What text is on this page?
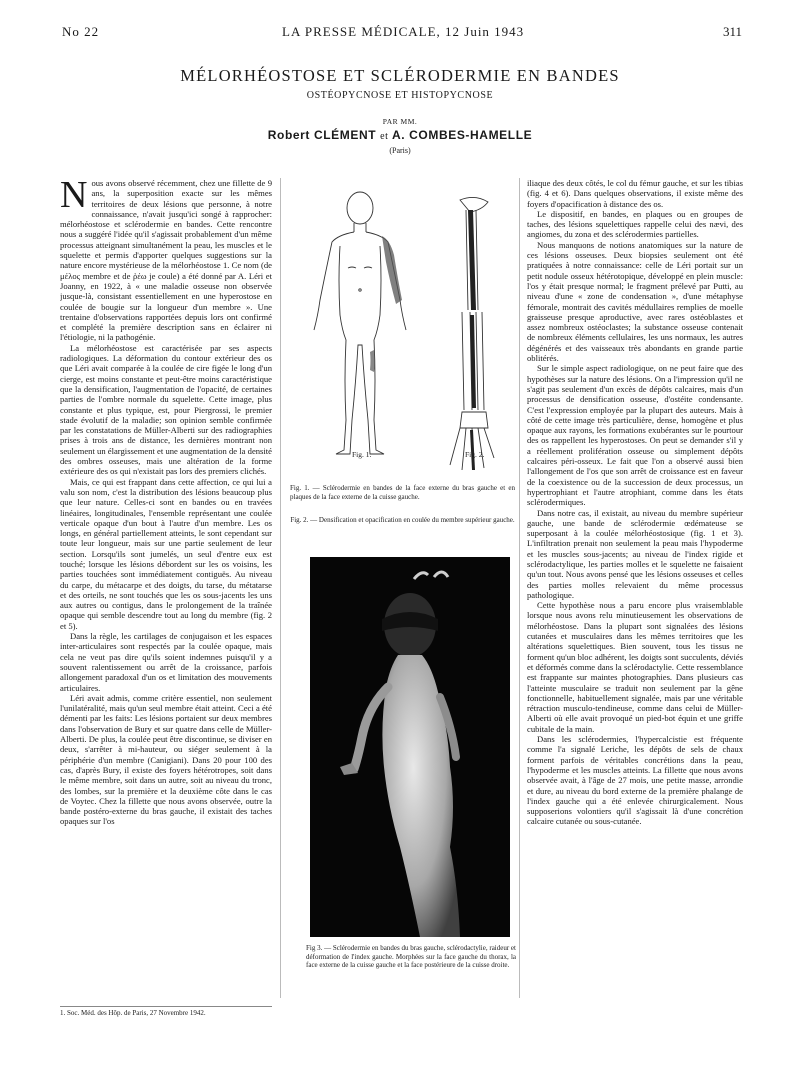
No 22	LA PRESSE MÉDICALE, 12 Juin 1943	311
MÉLORHÉOSTOSE ET SCLÉRODERMIE EN BANDES
OSTÉOPYCNOSE ET HISTOPYCNOSE
PAR MM.
Robert CLÉMENT et A. COMBES-HAMELLE
(Paris)

Nous avons observé récemment, chez une fillette de 9 ans, la superposition exacte sur les mêmes territoires de deux lésions que personne, à notre connaissance, n'avait jusqu'ici songé à rapprocher: mélorhéostose et sclérodermie en bandes. Cette rencontre nous a suggéré l'idée qu'il s'agissait probablement d'un même processus atteignant simultanément la peau, les muscles et le squelette et permis d'apporter quelques suggestions sur la nature encore mystérieuse de la mélorhéostose 1. Ce nom (de μέλος membre et de ῥέω je coule) a été donné par A. Léri et Joanny, en 1922, à « une maladie osseuse non observée jusque-là, consistant essentiellement en une hyperostose en coulée de bougie sur la longueur d'un membre ». Une trentaine d'observations rapportées depuis lors ont confirmé et complété la première description sans en éclairer ni l'étiologie, ni la pathogénie.

La mélorhéostose est caractérisée par ses aspects radiologiques. La déformation du contour extérieur des os que Léri avait comparée à la coulée de cire figée le long d'un cierge, est moins constante et peut-être moins caractéristique que la densification, l'augmentation de l'opacité, de certaines parties de l'ombre normale du squelette. Cette image, plus constante et plus typique, est, pour Piergrossi, le premier stade évolutif de la maladie; son opinion semble confirmée par les constatations de Müller-Alberti sur des radiographies prises à trois ans de distance, les dernières montrant non seulement un élargissement et une augmentation de la densité des ombres osseuses, mais une altération de la forme extérieure des os qui n'existait pas lors des premiers clichés.

Mais, ce qui est frappant dans cette affection, ce qui lui a valu son nom, c'est la distribution des lésions beaucoup plus que leur nature. Celles-ci sont en bandes ou en travées linéaires, longitudinales, l'ensemble représentant une coulée verticale opaque d'un bout à l'autre d'un membre. Les os longs, en général partiellement atteints, le sont cependant sur toute leur longueur, mais sur une partie seulement de leur section. Lorsqu'ils sont jumelés, un seul d'entre eux est touché; lorsque les lésions débordent sur les os voisins, les parties touchées sont immédiatement contiguës. Au niveau du carpe, du métacarpe et des doigts, du tarse, du métatarse et des orteils, ne sont touchés que les os sous-jacents les uns aux autres ou contigus, dans le prolongement de la traînée opaque qui semble descendre tout au long du membre (fig. 2 et 5).

Dans la règle, les cartilages de conjugaison et les espaces inter-articulaires sont respectés par la coulée opaque, mais cela ne veut pas dire qu'ils soient indemnes puisqu'il y a souvent ralentissement ou arrêt de la croissance, parfois allongement paradoxal d'un os et limitation des mouvements articulaires.

Léri avait admis, comme critère essentiel, non seulement l'unilatéralité, mais qu'un seul membre était atteint. Ceci a été démenti par les faits: Les lésions portaient sur deux membres dans l'observation de Bury et sur quatre dans celle de Müller-Alberti. De plus, la coulée peut être discontinue, se diviser en deux, s'arrêter à mi-hauteur, ou siéger seulement à la périphérie d'un membre (Canigiani). Dans 20 pour 100 des cas, d'après Bury, il existe des foyers hétérotropes, soit dans le même membre, soit dans un autre, soit au niveau du tronc, des lombes, sur la première et la deuxième côte dans le cas de Voytec. Chez la fillette que nous avons observée, outre la bande postéro-externe du bras gauche, il existait des taches opaques sur l'os

1. Soc. Méd. des Hôp. de Paris, 27 Novembre 1942.
Fig. 1.	Fig. 2.
Fig. 1. — Sclérodermie en bandes de la face externe du bras gauche et en plaques de la face externe de la cuisse gauche.
Fig. 2. — Densification et opacification en coulée du membre supérieur gauche.
Fig 3. — Sclérodermie en bandes du bras gauche, sclérodactylie, raideur et déformation de l'index gauche. Morphées sur la face gauche du thorax, la face externe de la cuisse gauche et la face postérieure de la cuisse droite.

iliaque des deux côtés, le col du fémur gauche, et sur les tibias (fig. 4 et 6). Dans quelques observations, il existe même des foyers d'opacification à distance des os.

Le dispositif, en bandes, en plaques ou en groupes de taches, des lésions squelettiques rappelle celui des nævi, des angiomes, du zona et des sclérodermies partielles.

Nous manquons de notions anatomiques sur la nature de ces lésions osseuses. Deux biopsies seulement ont été pratiquées à notre connaissance: celle de Léri portait sur un petit nodule osseux hétérotopique, développé en plein muscle: l'os y était presque normal; le fragment prélevé par Putti, au niveau d'une « zone de condensation », d'une métaphyse fémorale, montrait des cavités médullaires remplies de moelle graisseuse presque aproductive, avec rares ostéoblastes et assez nombreux ostéoclastes; la substance osseuse contenait de nombreux éléments cellulaires, les uns normaux, les autres dégénérés et des vaisseaux très abondants en grande partie oblitérés.

Sur le simple aspect radiologique, on ne peut faire que des hypothèses sur la nature des lésions. On a l'impression qu'il ne s'agit pas seulement d'un excès de dépôts calcaires, mais d'un processus de densification osseuse, d'ostéite condensante. C'est l'expression employée par la plupart des auteurs. Mais à côté de cette image très particulière, dense, homogène et plus opaque aux rayons, les formations exubérantes sur le pourtour des os rappellent les hyperostoses. On peut se demander s'il y a réellement prolifération osseuse ou simplement dépôts calcaires péri-osseux. Le fait que l'on a observé aussi bien l'allongement de l'os que son arrêt de croissance est en faveur de la coexistence ou de la succession de deux processus, un hypertrophiant et l'autre atrophiant, comme dans les états sclérodermiques.

Dans notre cas, il existait, au niveau du membre supérieur gauche, une bande de sclérodermie œdémateuse se superposant à la coulée mélorhéostosique (fig. 1 et 3). L'infiltration prenait non seulement la peau mais l'hypoderme et les muscles sous-jacents; au niveau de l'index rigide et sclérodactylique, les parties molles et le squelette ne faisaient qu'un tout. Nous avons pensé que les lésions osseuses et celles des parties molles relevaient du même processus pathologique.

Cette hypothèse nous a paru encore plus vraisemblable lorsque nous avons relu minutieusement les observations de mélorhéostose. Dans la plupart sont signalées des lésions cutanées et musculaires dans les mêmes territoires que les altérations squelettiques. Bien souvent, tous les tissus ne forment qu'un bloc adhérent, les doigts sont succulents, déviés et déformés comme dans la sclérodactylie. Cette ressemblance est frappante sur maintes photographies. Dans plusieurs cas l'atteinte musculaire se traduit non seulement par la gêne fonctionnelle, habituellement signalée, mais par une véritable rétraction musculo-tendineuse, comme dans celui de Müller-Alberti où elle avait provoqué un pied-bot équin et une griffe cubitale de la main.

Dans les sclérodermies, l'hypercalcistie est fréquente comme l'a signalé Leriche, les dépôts de sels de chaux forment parfois de véritables concrétions dans la peau, l'hypoderme et les muscles atteints. La fillette que nous avons observée avait, à l'âge de 27 mois, une petite masse, arrondie et dure, au niveau du bord externe de la première phalange de l'index gauche qui a été enlevée chirurgicalement. Nous supposerions volontiers qu'il s'agissait là d'une concrétion calcaire cutanée ou sous-cutanée.
